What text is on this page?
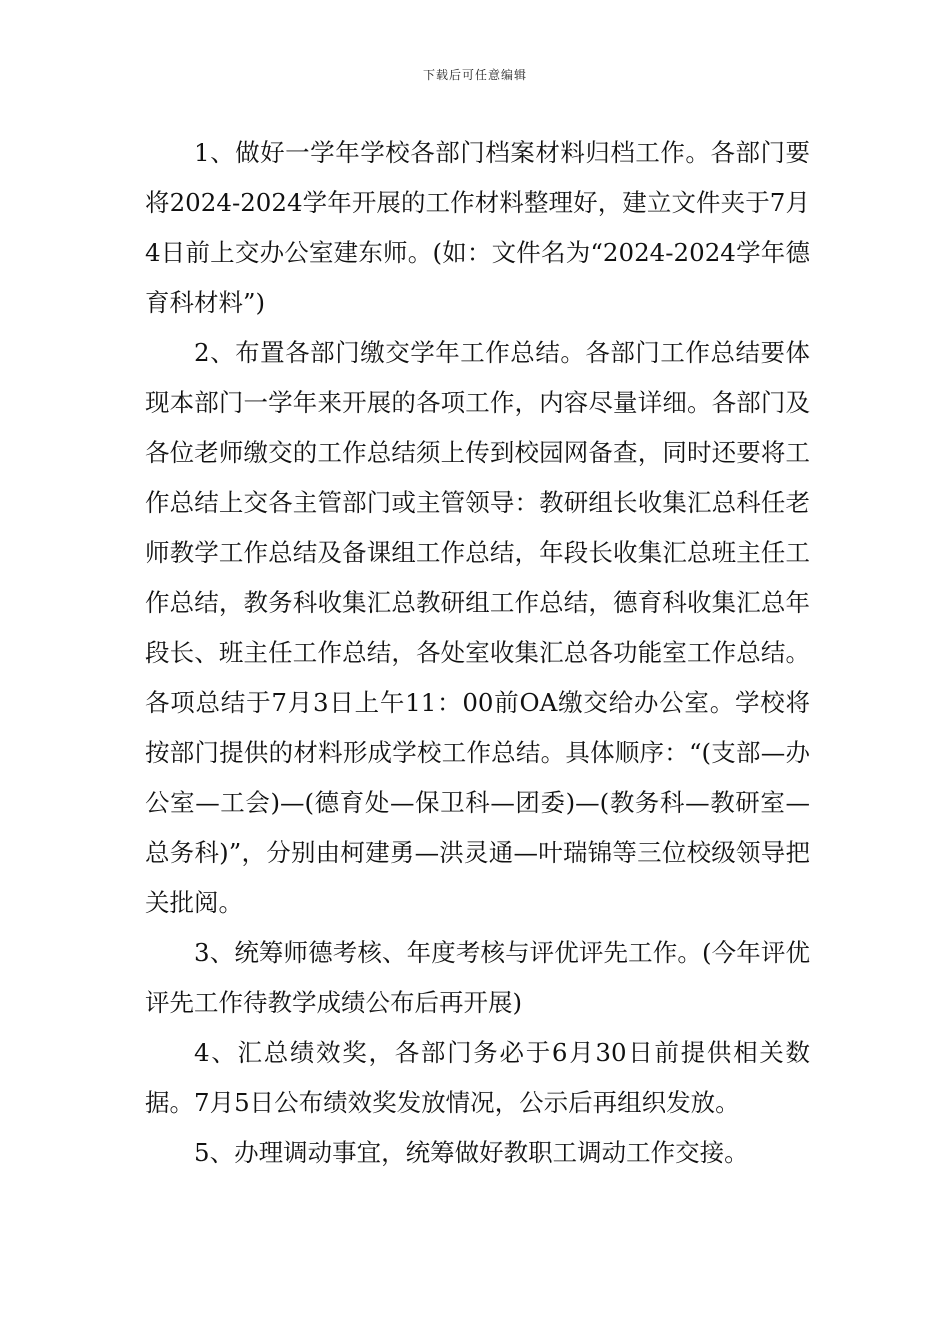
下载后可任意编辑

1、做好一学年学校各部门档案材料归档工作。各部门要将2024-2024学年开展的工作材料整理好，建立文件夹于7月4日前上交办公室建东师。(如：文件名为“2024-2024学年德育科材料”)

2、布置各部门缴交学年工作总结。各部门工作总结要体现本部门一学年来开展的各项工作，内容尽量详细。各部门及各位老师缴交的工作总结须上传到校园网备查，同时还要将工作总结上交各主管部门或主管领导：教研组长收集汇总科任老师教学工作总结及备课组工作总结，年段长收集汇总班主任工作总结，教务科收集汇总教研组工作总结，德育科收集汇总年段长、班主任工作总结，各处室收集汇总各功能室工作总结。各项总结于7月3日上午11：00前OA缴交给办公室。学校将按部门提供的材料形成学校工作总结。具体顺序：“(支部—办公室—工会)—(德育处—保卫科—团委)—(教务科—教研室—总务科)”，分别由柯建勇—洪灵通—叶瑞锦等三位校级领导把关批阅。

3、统筹师德考核、年度考核与评优评先工作。(今年评优评先工作待教学成绩公布后再开展)

4、汇总绩效奖，各部门务必于6月30日前提供相关数据。7月5日公布绩效奖发放情况，公示后再组织发放。

5、办理调动事宜，统筹做好教职工调动工作交接。
